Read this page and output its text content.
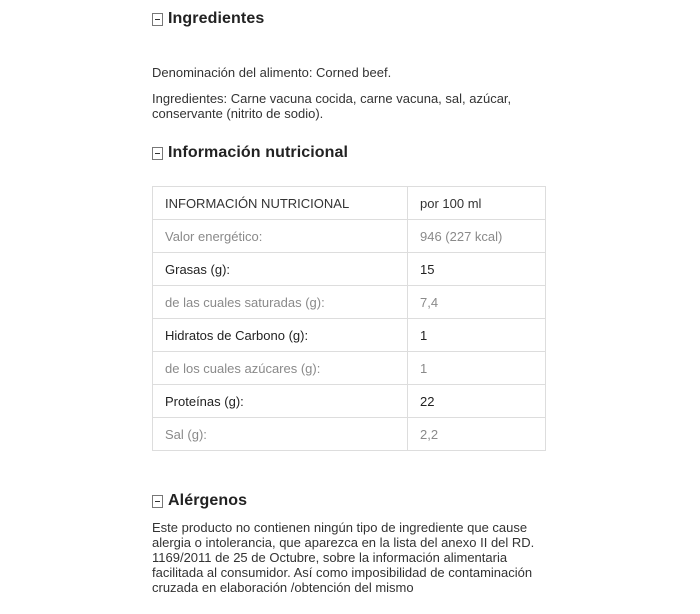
Ingredientes
Denominación del alimento: Corned beef.
Ingredientes: Carne vacuna cocida, carne vacuna, sal, azúcar, conservante (nitrito de sodio).
Información nutricional
INFORMACIÓN NUTRICIONAL	por 100 ml
Valor energético:	946 (227 kcal)
Grasas (g):	15
de las cuales saturadas (g):	7,4
Hidratos de Carbono (g):	1
de los cuales azúcares (g):	1
Proteínas (g):	22
Sal (g):	2,2
Alérgenos
Este producto no contienen ningún tipo de ingrediente que cause alergia o intolerancia, que aparezca en la lista del anexo II del RD. 1169/2011 de 25 de Octubre, sobre la información alimentaria facilitada al consumidor. Así como imposibilidad de contaminación cruzada en elaboración /obtención del mismo
